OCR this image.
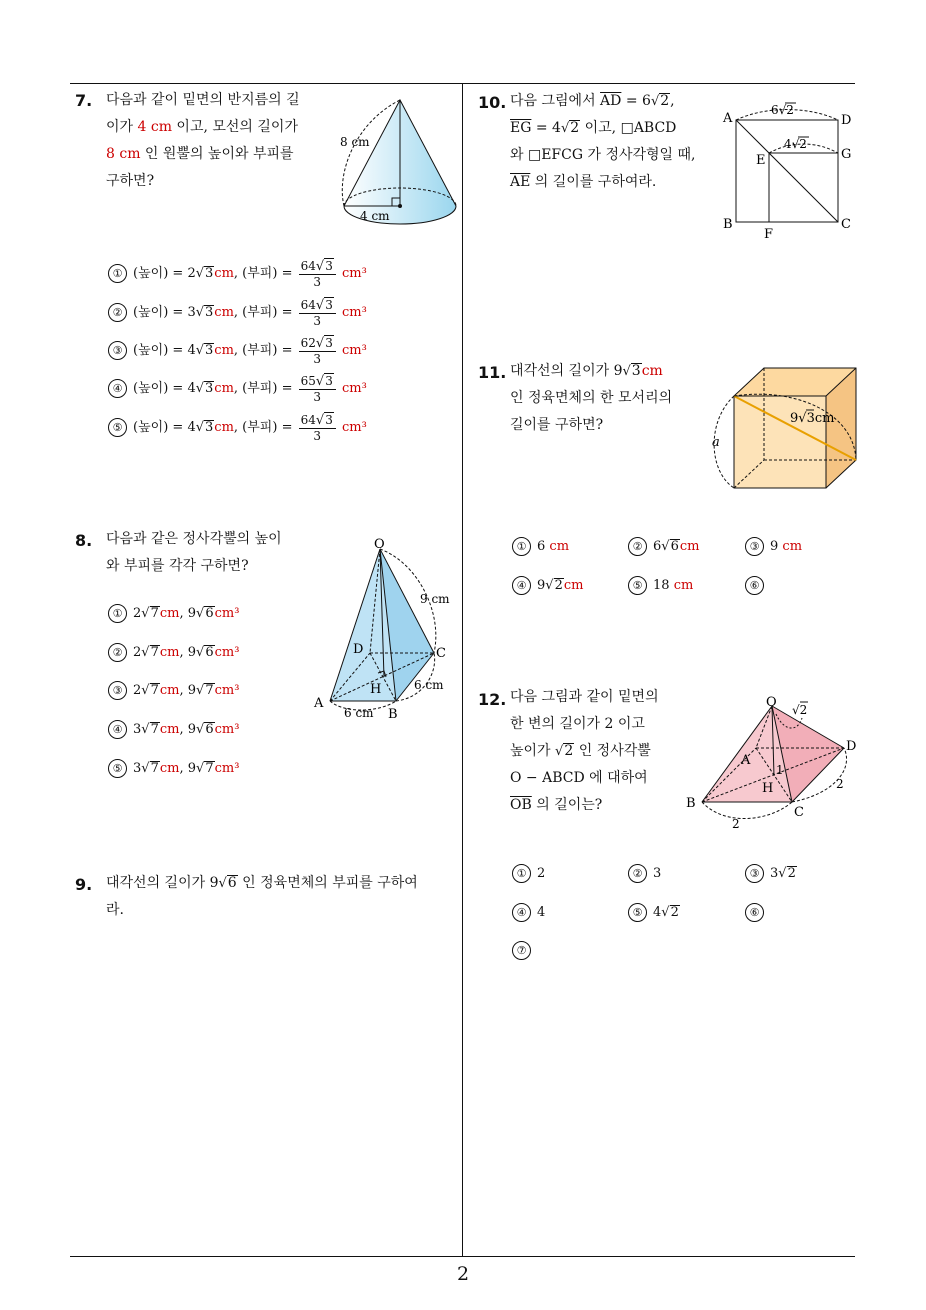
2
7. 다음과 같이 밑면의 반지름의 길
이가 4 cm 이고, 모선의 길이가
8 cm 인 원뿔의 높이와 부피를
구하면?
8 cm
4 cm
① (높이) = 2√3cm, (부피) = $\frac{64√3}{3} cm^3$
② (높이) = 3√3cm, (부피) = $\frac{64√3}{3} cm^3$
③ (높이) = 4√3cm, (부피) = $\frac{62√3}{3} cm^3$
④ (높이) = 4√3cm, (부피) = $\frac{65√3}{3} cm^3$
⑤ (높이) = 4√3cm, (부피) = $\frac{64√3}{3} cm^3$
8. 다음과 같은 정사각뿔의 높이
와 부피를 각각 구하면?
O
A
B
C
D
H
9 cm
6 cm
6 cm
① 2√7cm, 9√6cm³
② 2√7cm, 9√6cm³
③ 2√7cm, 9√7cm³
④ 3√7cm, 9√6cm³
⑤ 3√7cm, 9√7cm³
9. 대각선의 길이가 9√6 인 정육면체의 부피를 구하여
라.
10. 다음 그림에서 $\overline{AD} = 6√2$,
$\overline{EG} = 4√2$ 이고, □ABCD
와 □EFCG 가 정사각형일 때,
$\overline{AE}$ 의 길이를 구하여라.
A	D
B	C
E	G
F
6√2
4√2
11. 대각선의 길이가 9√3cm
인 정육면체의 한 모서리의
길이를 구하면?
a
9√3cm
① 6 cm	② 6√6cm	③ 9 cm
④ 9√2cm	⑤ 18 cm	⑥
12. 다음 그림과 같이 밑면의
한 변의 길이가 2 이고
높이가 √2 인 정사각뿔
O − ABCD 에 대하여
$\overline{OB}$ 의 길이는?
O
B
C
D
A
H
1
√2
2
2
① 2	② 3	③ 3√2
④ 4	⑤ 4√2	⑥
⑦
